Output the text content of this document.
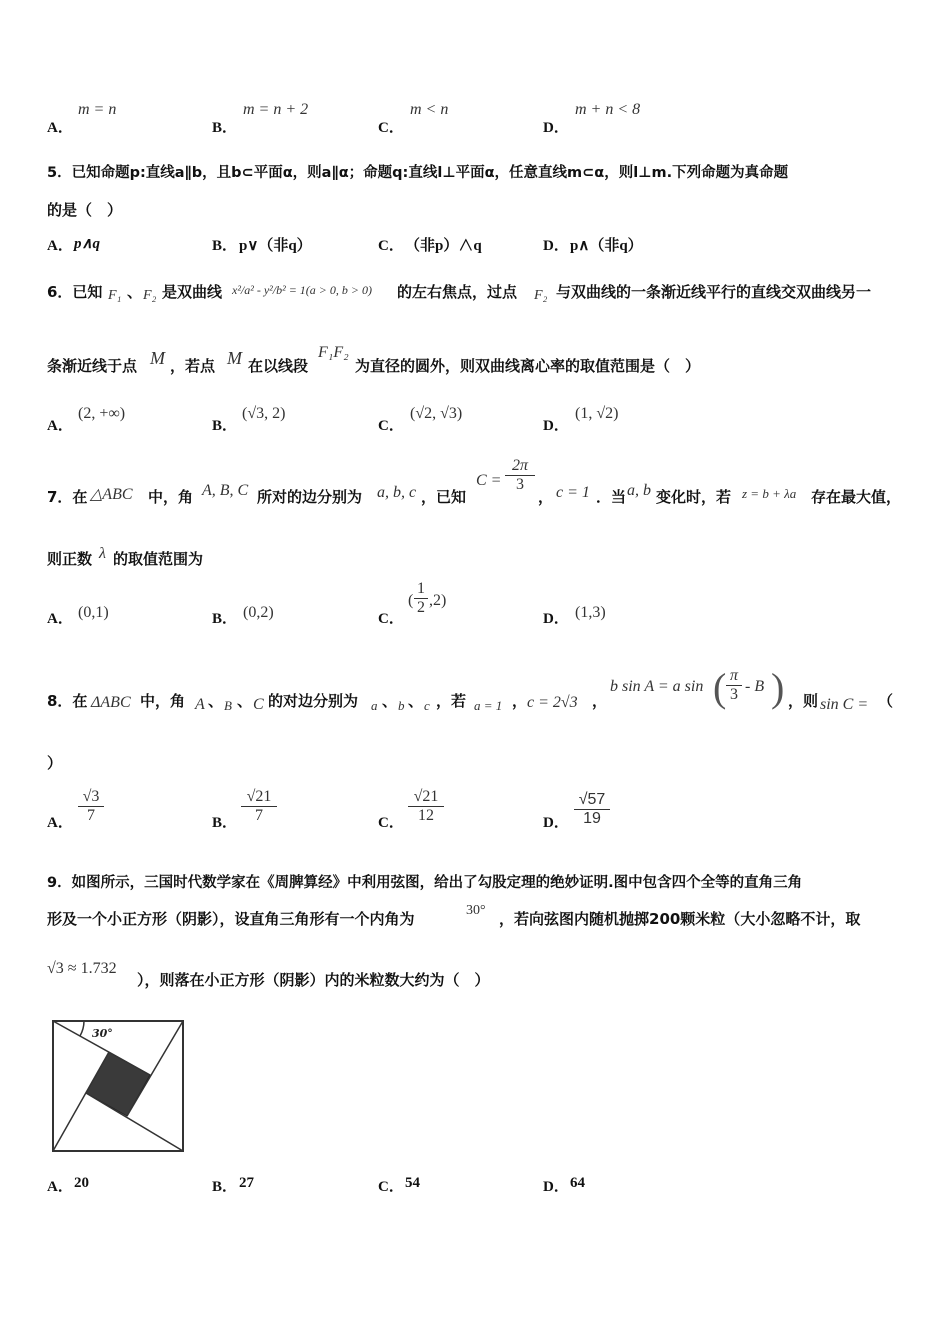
A．
m = n
B．
m = n + 2
C．
m < n
D．
m + n < 8
5．已知命题p:直线a∥b，且b⊂平面α，则a∥α；命题q:直线l⊥平面α，任意直线m⊂α，则l⊥m.下列命题为真命题
的是（　）
A． p∧q	B． p∨（非q）	C． （非p）∧q	D． p∧（非q）
6．已知 F₁ 、 F₂ 是双曲线 x²/a² - y²/b² = 1(a > 0, b > 0) 的左右焦点，过点 F₂ 与双曲线的一条渐近线平行的直线交双曲线另一
条渐近线于点 M ，若点 M 在以线段
F₁F₂
为直径的圆外，则双曲线离心率的取值范围是（　）
A．
(2, +∞)
B．
(√3, 2)
C．
(√2, √3)
D．
(1, √2)
7．在 △ABC 中，角 A, B, C 所对的边分别为 a, b, c ，已知
$C = \frac{2\pi}{3}$
， c = 1 ．当 a, b 变化时，若 z = b + λa 存在最大值，
则正数 λ 的取值范围为
A． (0,1)	B． (0,2)	C．
( $\frac{1}{2} ,2$)
D． (1,3)
8．在 ΔABC 中，角 A 、 B 、 C 的对边分别为 a 、 b 、 c ，若 a = 1 ， c = 2√3 ，
b sin A = a sin ( $\frac{\pi}{3}$ - B ) ，则 sin C = （
）
A． $\frac{√3}{7}$	B． $\frac{√21}{7}$	C． $\frac{√21}{12}$	D． $\frac{√57}{19}$
9．如图所示，三国时代数学家在《周脾算经》中利用弦图，给出了勾股定理的绝妙证明.图中包含四个全等的直角三角
形及一个小正方形（阴影），设直角三角形有一个内角为	30° ，若向弦图内随机抛掷200颗米粒（大小忽略不计，取
√3 ≈ 1.732
），则落在小正方形（阴影）内的米粒数大约为（　）
30°
A． 20	B． 27	C． 54	D． 64
